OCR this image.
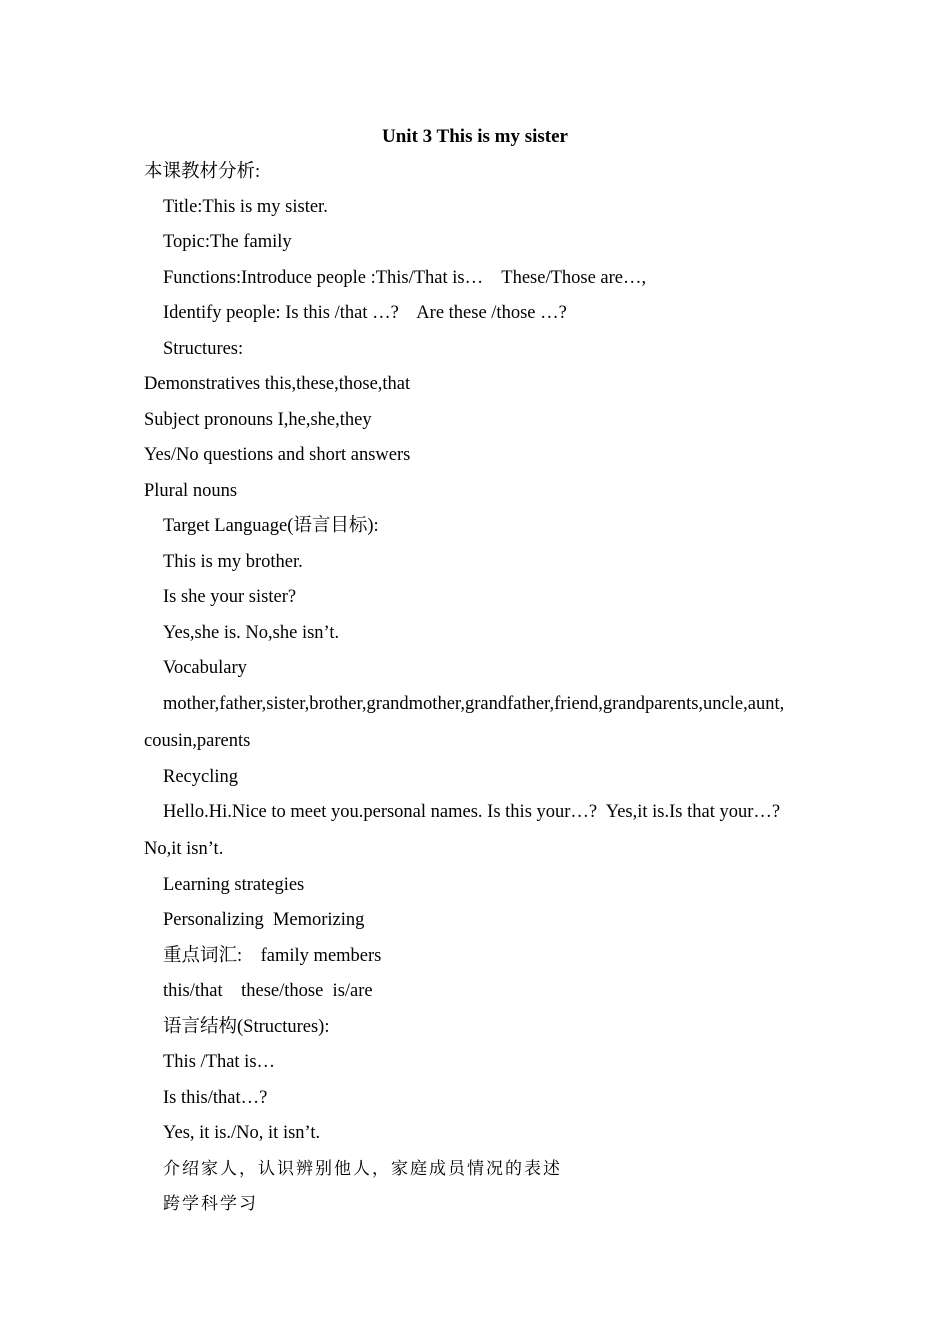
Unit 3 This is my sister
本课教材分析:
Title:This is my sister.
Topic:The family
Functions:Introduce people :This/That is…    These/Those are…,
Identify people: Is this /that …?    Are these /those …?
Structures:
Demonstratives this,these,those,that
Subject pronouns I,he,she,they
Yes/No questions and short answers
Plural nouns
Target Language(语言目标):
This is my brother.
Is she your sister?
Yes,she is. No,she isn’t.
Vocabulary
mother,father,sister,brother,grandmother,grandfather,friend,grandparents,uncle,aunt,
cousin,parents
Recycling
Hello.Hi.Nice to meet you.personal names. Is this your…?  Yes,it is.Is that your…?
No,it isn’t.
Learning strategies
Personalizing  Memorizing
重点词汇:    family members
this/that    these/those  is/are
语言结构(Structures):
This /That is…
Is this/that…?
Yes, it is./No, it isn’t.
介绍家人，认识辨别他人，家庭成员情况的表述
跨学科学习
